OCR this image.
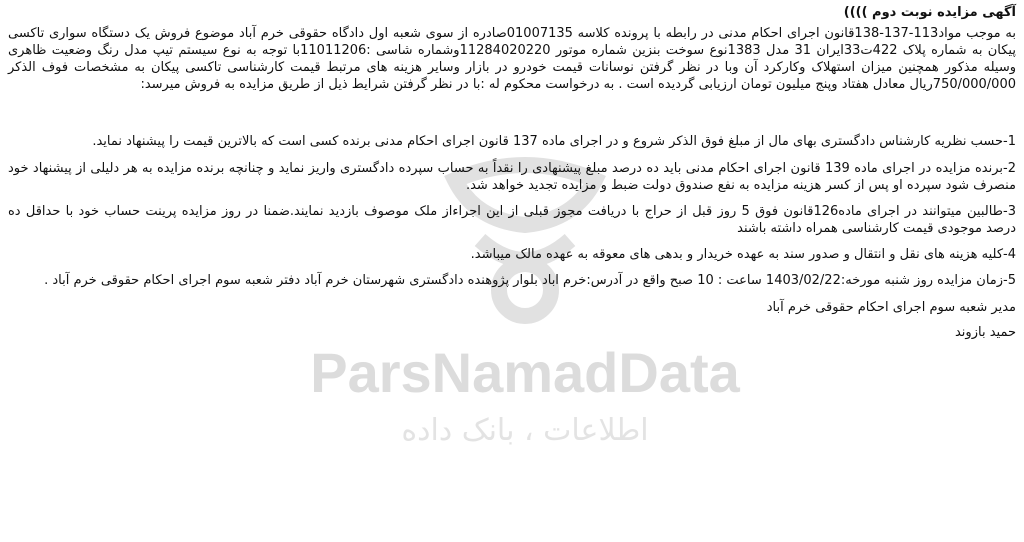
ParsNamadData
اطلاعات ، بانک داده

آگهی مزایده نوبت دوم ))))

به موجب مواد113-137-138قانون اجرای احکام مدنی در رابطه با پرونده کلاسه 01007135صادره از سوی شعبه اول دادگاه حقوقی خرم آباد موضوع فروش یک دستگاه سواری تاکسی پیکان به شماره پلاک 422ت33ایران 31 مدل 1383نوع سوخت بنزین شماره موتور 11284020220وشماره شاسی :11011206با توجه به نوع سیستم تیپ مدل رنگ وضعیت ظاهری وسیله مذکور همچنین میزان استهلاک وکارکرد آن وبا در نظر گرفتن نوسانات قیمت خودرو در بازار وسایر هزینه های مرتبط قیمت کارشناسی تاکسی پیکان به مشخصات فوف الذکر 750/000/000ریال معادل هفتاد وپنج میلیون تومان ارزیابی گردیده است . به درخواست محکوم له :با در نظر گرفتن شرایط ذیل از طریق مزایده به فروش میرسد:

1-حسب نظریه کارشناس دادگستری بهای مال از مبلغ فوق الذکر شروع و در اجرای ماده 137 قانون اجرای احکام مدنی برنده کسی است که بالاترین قیمت را پیشنهاد نماید.

2-برنده مزایده در اجرای ماده 139 قانون اجرای احکام مدنی باید ده درصد مبلغ پیشنهادی را نقداً به حساب سپرده دادگستری واریز نماید و چنانچه برنده مزایده به هر دلیلی از پیشنهاد خود منصرف شود سپرده او پس از کسر هزینه مزایده به نفع صندوق دولت ضبط و مزایده تجدید خواهد شد.

3-طالبین میتوانند در اجرای ماده126قانون فوق 5 روز قبل از حراج با دریافت مجوز قبلی از این اجراءاز ملک موصوف بازدید نمایند.ضمنا در روز مزایده پرینت حساب خود با حداقل ده درصد موجودی قیمت کارشناسی همراه داشته باشند

4-کلیه هزینه های نقل و انتقال و صدور سند به عهده خریدار و بدهی های معوقه به عهده مالک میباشد.

5-زمان مزایده روز شنبه مورخه:1403/02/22 ساعت : 10 صبح واقع در آدرس:خرم اباد بلوار پژوهنده دادگستری شهرستان خرم آباد دفتر شعبه سوم اجرای احکام حقوقی خرم آباد .

مدیر شعبه سوم اجرای احکام حقوقی خرم آباد

حمید بازوند
